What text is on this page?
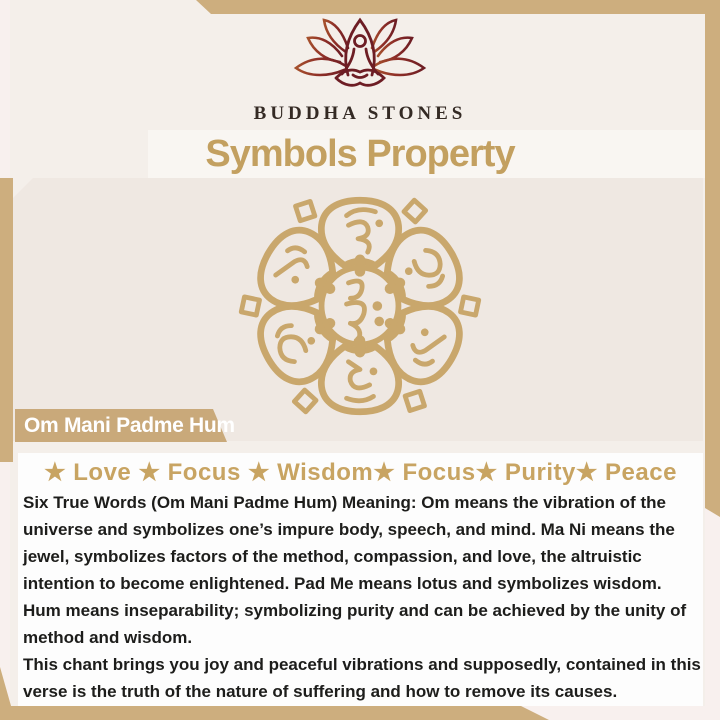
BUDDHA STONES
Symbols Property
Om Mani Padme Hum
★ Love ★ Focus ★ Wisdom★ Focus★ Purity★ Peace

Six True Words (Om Mani Padme Hum) Meaning: Om means the vibration of the universe and symbolizes one’s impure body, speech, and mind. Ma Ni means the jewel, symbolizes factors of the method, compassion, and love, the altruistic intention to become enlightened. Pad Me means lotus and symbolizes wisdom. Hum means inseparability; symbolizing purity and can be achieved by the unity of method and wisdom.

This chant brings you joy and peaceful vibrations and supposedly, contained in this verse is the truth of the nature of suffering and how to remove its causes.
